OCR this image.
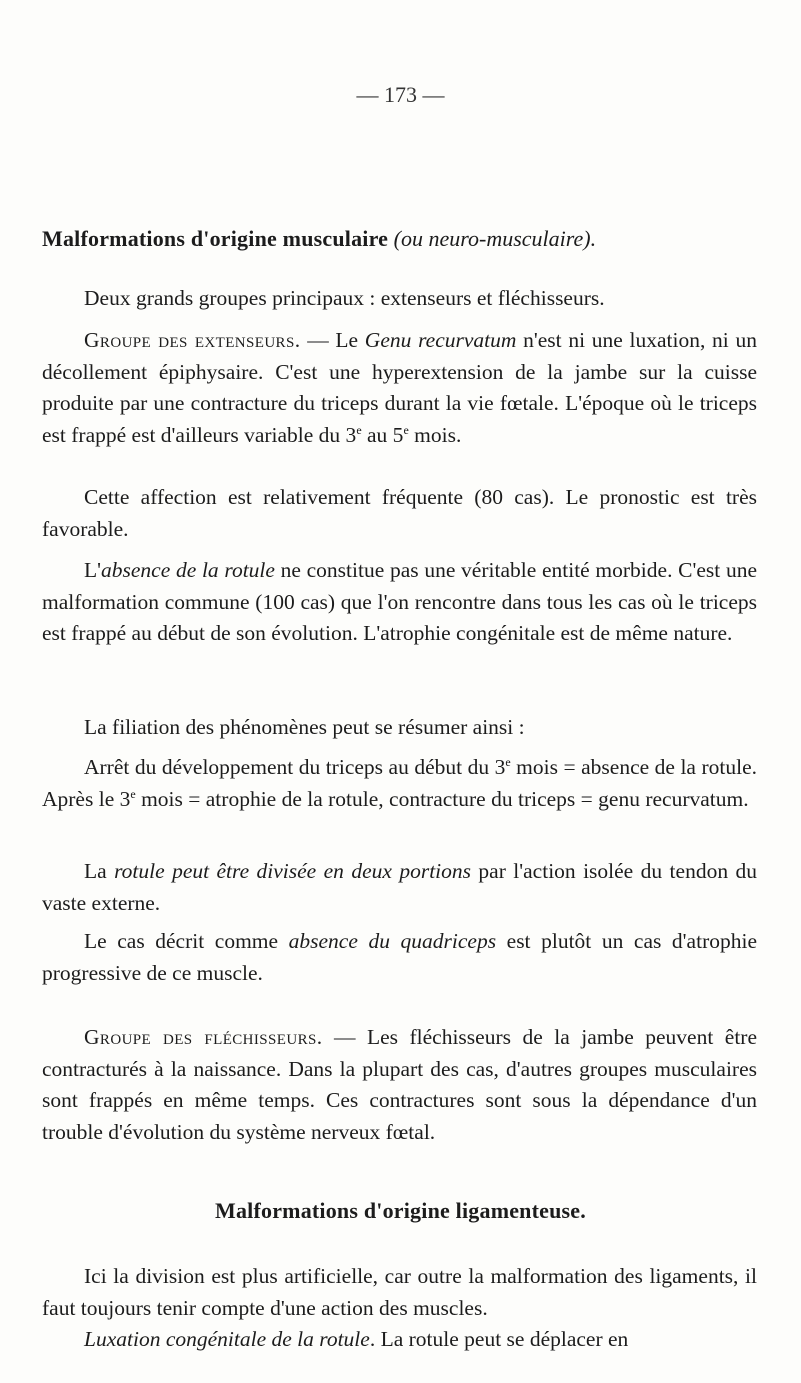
— 173 —
Malformations d'origine musculaire (ou neuro-musculaire).
Deux grands groupes principaux : extenseurs et fléchisseurs.
Groupe des extenseurs. — Le Genu recurvatum n'est ni une luxation, ni un décollement épiphysaire. C'est une hyperextension de la jambe sur la cuisse produite par une contracture du triceps durant la vie fœtale. L'époque où le triceps est frappé est d'ailleurs variable du 3e au 5e mois.
Cette affection est relativement fréquente (80 cas). Le pronostic est très favorable.
L'absence de la rotule ne constitue pas une véritable entité morbide. C'est une malformation commune (100 cas) que l'on rencontre dans tous les cas où le triceps est frappé au début de son évolution. L'atrophie congénitale est de même nature.
La filiation des phénomènes peut se résumer ainsi :
Arrêt du développement du triceps au début du 3e mois = absence de la rotule. Après le 3e mois = atrophie de la rotule, contracture du triceps = genu recurvatum.
La rotule peut être divisée en deux portions par l'action isolée du tendon du vaste externe.
Le cas décrit comme absence du quadriceps est plutôt un cas d'atrophie progressive de ce muscle.
Groupe des fléchisseurs. — Les fléchisseurs de la jambe peuvent être contracturés à la naissance. Dans la plupart des cas, d'autres groupes musculaires sont frappés en même temps. Ces contractures sont sous la dépendance d'un trouble d'évolution du système nerveux fœtal.
Malformations d'origine ligamenteuse.
Ici la division est plus artificielle, car outre la malformation des ligaments, il faut toujours tenir compte d'une action des muscles.
Luxation congénitale de la rotule. La rotule peut se déplacer en
